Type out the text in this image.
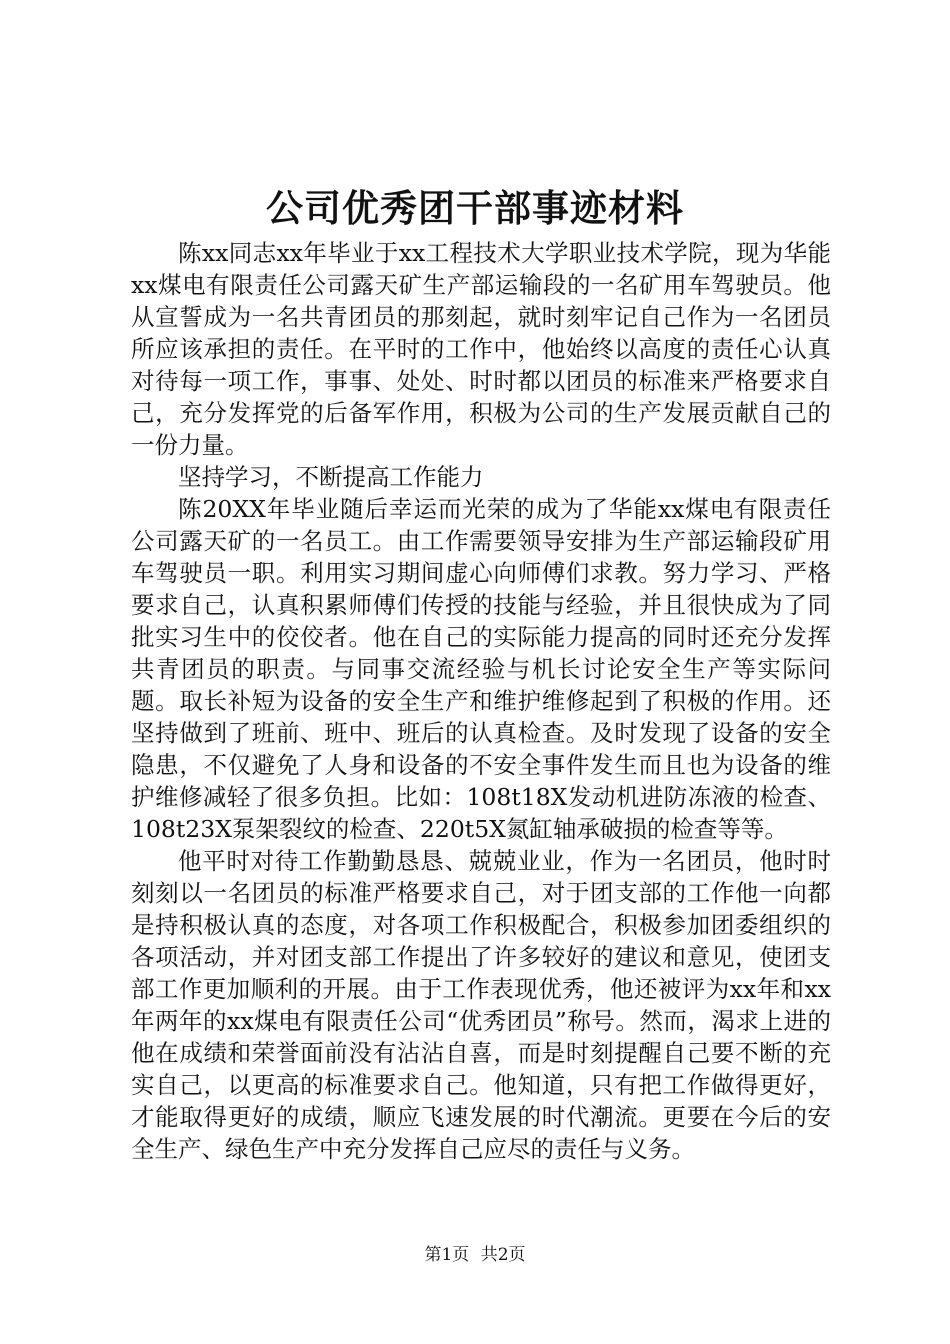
公司优秀团干部事迹材料

陈xx同志xx年毕业于xx工程技术大学职业技术学院，现为华能xx煤电有限责任公司露天矿生产部运输段的一名矿用车驾驶员。他从宣誓成为一名共青团员的那刻起，就时刻牢记自己作为一名团员所应该承担的责任。在平时的工作中，他始终以高度的责任心认真对待每一项工作，事事、处处、时时都以团员的标准来严格要求自己，充分发挥党的后备军作用，积极为公司的生产发展贡献自己的一份力量。

坚持学习，不断提高工作能力

陈20XX年毕业随后幸运而光荣的成为了华能xx煤电有限责任公司露天矿的一名员工。由工作需要领导安排为生产部运输段矿用车驾驶员一职。利用实习期间虚心向师傅们求教。努力学习、严格要求自己，认真积累师傅们传授的技能与经验，并且很快成为了同批实习生中的佼佼者。他在自己的实际能力提高的同时还充分发挥共青团员的职责。与同事交流经验与机长讨论安全生产等实际问题。取长补短为设备的安全生产和维护维修起到了积极的作用。还坚持做到了班前、班中、班后的认真检查。及时发现了设备的安全隐患，不仅避免了人身和设备的不安全事件发生而且也为设备的维护维修减轻了很多负担。比如：108t18X发动机进防冻液的检查、108t23X泵架裂纹的检查、220t5X氮缸轴承破损的检查等等。

他平时对待工作勤勤恳恳、兢兢业业，作为一名团员，他时时刻刻以一名团员的标准严格要求自己，对于团支部的工作他一向都是持积极认真的态度，对各项工作积极配合，积极参加团委组织的各项活动，并对团支部工作提出了许多较好的建议和意见，使团支部工作更加顺利的开展。由于工作表现优秀，他还被评为xx年和xx年两年的xx煤电有限责任公司“优秀团员”称号。然而，渴求上进的他在成绩和荣誉面前没有沾沾自喜，而是时刻提醒自己要不断的充实自己，以更高的标准要求自己。他知道，只有把工作做得更好，才能取得更好的成绩，顺应飞速发展的时代潮流。更要在今后的安全生产、绿色生产中充分发挥自己应尽的责任与义务。

第1页 共2页
